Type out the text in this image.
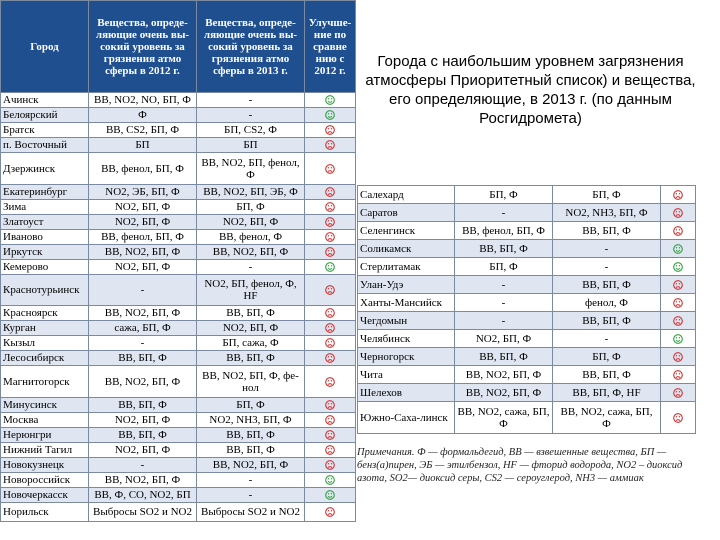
Город	Вещества, опреде-ляющие очень вы-сокий уровень за грязнения атмо сферы в 2012 г.	Вещества, опреде-ляющие очень вы-сокий уровень за грязнения атмо сферы в 2013 г.	Улучше-ние по сравне нию с 2012 г.
Ачинск	ВВ, NO2, NO, БП, Ф	-	
Белоярский	Ф	-	
Братск	ВВ, CS2, БП, Ф	БП, CS2, Ф	
п. Восточный	БП	БП	
Дзержинск	ВВ, фенол, БП, Ф	ВВ, NO2, БП, фенол, Ф	
Екатеринбург	NO2, ЭБ, БП, Ф	ВВ, NO2, БП, ЭБ, Ф	
Зима	NO2, БП, Ф	БП, Ф	
Златоуст	NO2, БП, Ф	NO2, БП, Ф	
Иваново	ВВ, фенол, БП, Ф	ВВ, фенол, Ф	
Иркутск	ВВ, NO2, БП, Ф	ВВ, NO2, БП, Ф	
Кемерово	NO2, БП, Ф	-	
Краснотурьинск	-	NO2, БП, фенол, Ф, HF	
Красноярск	ВВ, NO2, БП, Ф	ВВ, БП, Ф	
Курган	сажа, БП, Ф	NO2, БП, Ф	
Кызыл	-	БП, сажа, Ф	
Лесосибирск	ВВ, БП, Ф	ВВ, БП, Ф	
Магнитогорск	ВВ, NO2, БП, Ф	ВВ, NO2, БП, Ф, фе-нол	
Минусинск	ВВ, БП, Ф	БП, Ф	
Москва	NO2, БП, Ф	NO2, NH3, БП, Ф	
Нерюнгри	ВВ, БП, Ф	ВВ, БП, Ф	
Нижний Тагил	NO2, БП, Ф	ВВ, БП, Ф	
Новокузнецк	-	ВВ, NO2, БП, Ф	
Новороссийск	ВВ, NO2, БП, Ф	-	
Новочеркасск	ВВ, Ф, CO, NO2, БП	-	
Норильск	Выбросы SO2 и NO2	Выбросы SO2 и NO2	
Города с наибольшим уровнем загрязнения атмосферы Приоритетный список) и вещества, его определяющие, в 2013 г. (по данным Росгидромета)
Салехард	БП, Ф	БП, Ф	
Саратов	-	NO2, NH3, БП, Ф	
Селенгинск	ВВ, фенол, БП, Ф	ВВ, БП, Ф	
Соликамск	ВВ, БП, Ф	-	
Стерлитамак	БП, Ф	-	
Улан-Удэ	-	ВВ, БП, Ф	
Ханты-Мансийск	-	фенол, Ф	
Чегдомын	-	ВВ, БП, Ф	
Челябинск	NO2, БП, Ф	-	
Черногорск	ВВ, БП, Ф	БП, Ф	
Чита	ВВ, NO2, БП, Ф	ВВ, БП, Ф	
Шелехов	ВВ, NO2, БП, Ф	ВВ, БП, Ф, HF	
Южно-Саха-линск	ВВ, NO2, сажа, БП, Ф	ВВ, NO2, сажа, БП, Ф	
Примечания. Ф — формальдегид, ВВ — взвешенные вещества, БП — бенз(а)пирен, ЭБ — этилбензол, HF — фторид водорода, NO2 – диоксид азота, SO2— диоксид серы, CS2 — сероуглерод, NH3 — аммиак
